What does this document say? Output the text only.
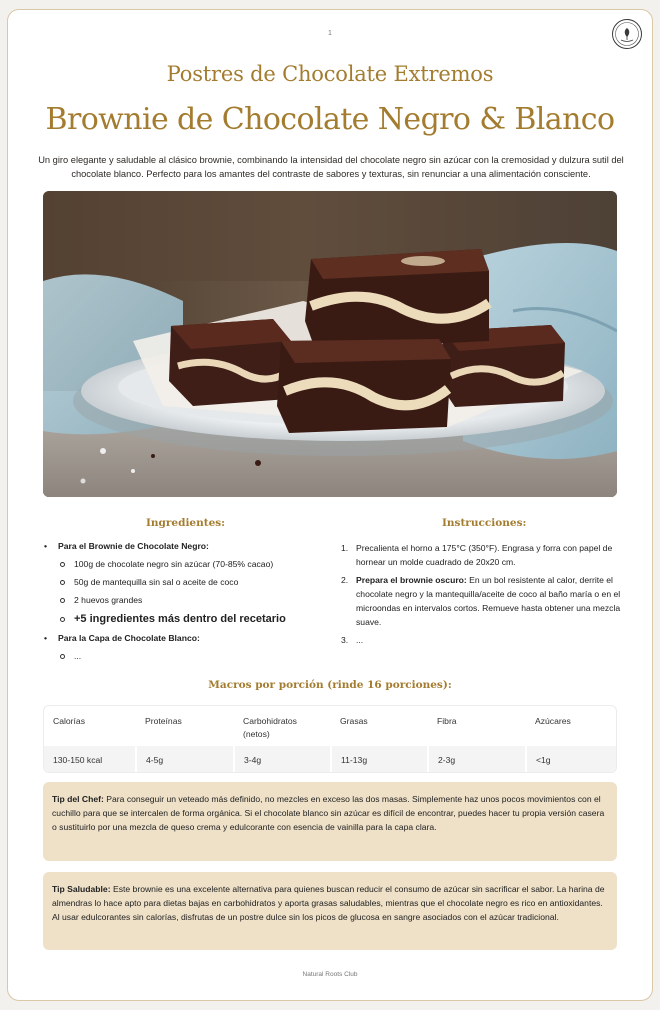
1
Postres de Chocolate Extremos
Brownie de Chocolate Negro & Blanco
Un giro elegante y saludable al clásico brownie, combinando la intensidad del chocolate negro sin azúcar con la cremosidad y dulzura sutil del chocolate blanco. Perfecto para los amantes del contraste de sabores y texturas, sin renunciar a una alimentación consciente.
Ingredientes:	Instrucciones:
•	Para el Brownie de Chocolate Negro:
100g de chocolate negro sin azúcar (70-85% cacao)
50g de mantequilla sin sal o aceite de coco
2 huevos grandes
+5 ingredientes más dentro del recetario
•	Para la Capa de Chocolate Blanco:
...
1. Precalienta el horno a 175°C (350°F). Engrasa y forra con papel de hornear un molde cuadrado de 20x20 cm.
2. Prepara el brownie oscuro: En un bol resistente al calor, derrite el chocolate negro y la mantequilla/aceite de coco al baño maría o en el microondas en intervalos cortos. Remueve hasta obtener una mezcla suave.
3. ...
Macros por porción (rinde 16 porciones):
Calorías	Proteínas	Carbohidratos (netos)	Grasas	Fibra	Azúcares
130-150 kcal	4-5g	3-4g	11-13g	2-3g	<1g
Tip del Chef: Para conseguir un veteado más definido, no mezcles en exceso las dos masas. Simplemente haz unos pocos movimientos con el cuchillo para que se intercalen de forma orgánica. Si el chocolate blanco sin azúcar es difícil de encontrar, puedes hacer tu propia versión casera o sustituirlo por una mezcla de queso crema y edulcorante con esencia de vainilla para la capa clara.
Tip Saludable: Este brownie es una excelente alternativa para quienes buscan reducir el consumo de azúcar sin sacrificar el sabor. La harina de almendras lo hace apto para dietas bajas en carbohidratos y aporta grasas saludables, mientras que el chocolate negro es rico en antioxidantes. Al usar edulcorantes sin calorías, disfrutas de un postre dulce sin los picos de glucosa en sangre asociados con el azúcar tradicional.
Natural Roots Club
